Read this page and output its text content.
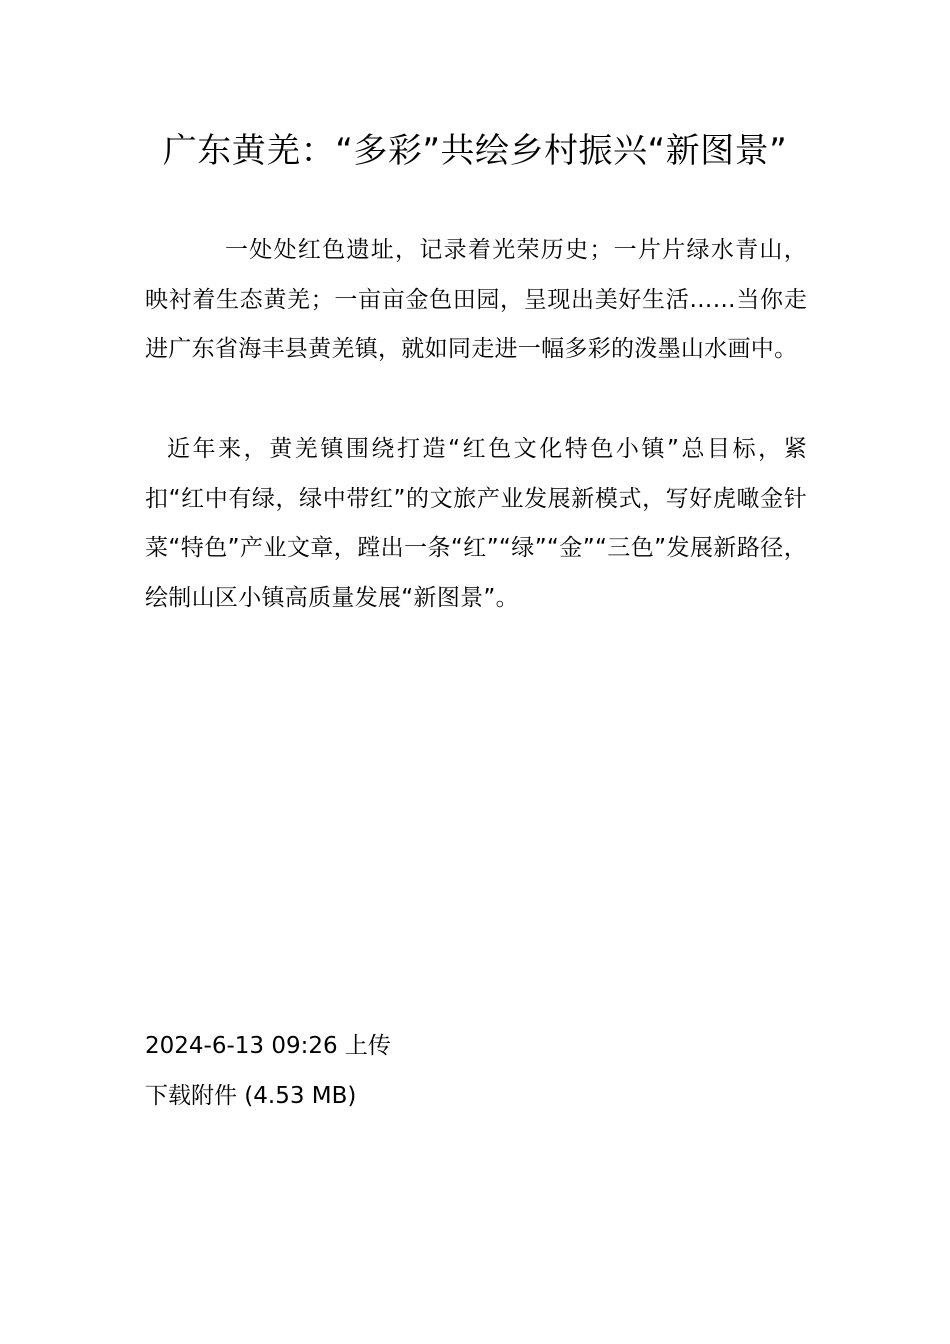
广东黄羌：“多彩”共绘乡村振兴“新图景”

一处处红色遗址，记录着光荣历史；一片片绿水青山，映衬着生态黄羌；一亩亩金色田园，呈现出美好生活……当你走进广东省海丰县黄羌镇，就如同走进一幅多彩的泼墨山水画中。

近年来，黄羌镇围绕打造“红色文化特色小镇”总目标，紧扣“红中有绿，绿中带红”的文旅产业发展新模式，写好虎噉金针菜“特色”产业文章，蹚出一条“红”“绿”“金”“三色”发展新路径，绘制山区小镇高质量发展“新图景”。

2024-6-13 09:26 上传
下载附件 (4.53 MB)
